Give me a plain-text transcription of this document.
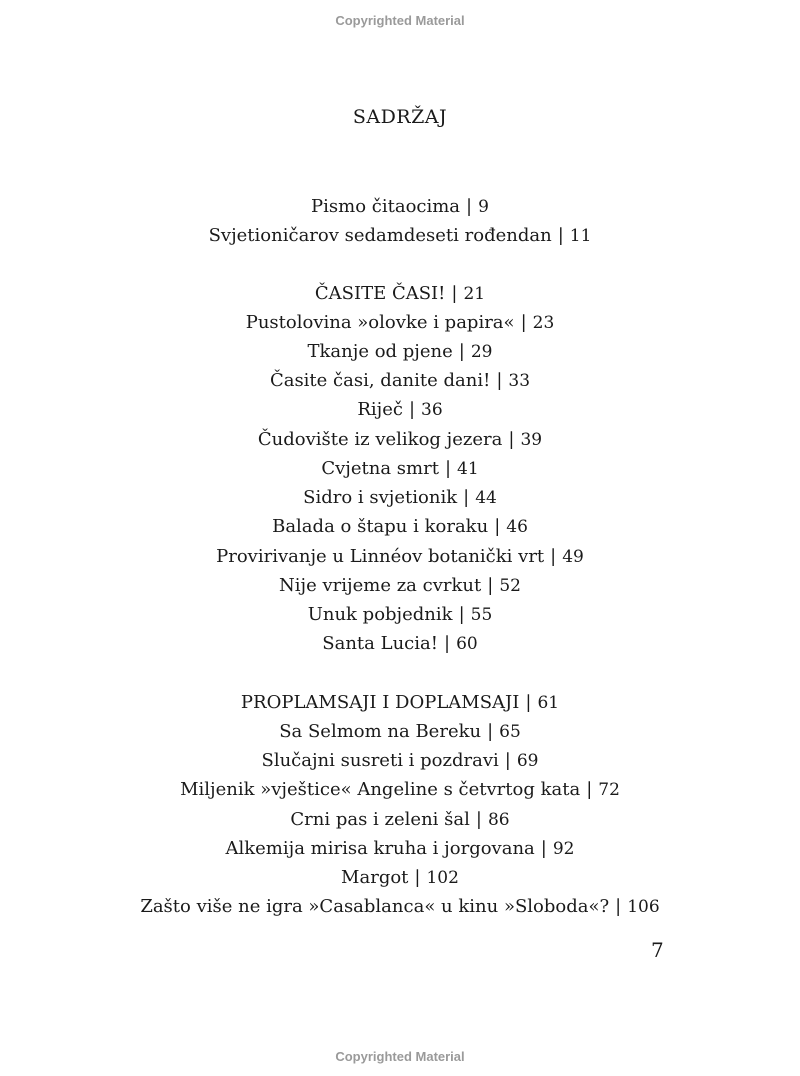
Copyrighted Material
SADRŽAJ
Pismo čitaocima | 9
Svjetioničarov sedamdeseti rođendan | 11
ČASITE ČASI! | 21
Pustolovina »olovke i papira« | 23
Tkanje od pjene | 29
Časite časi, danite dani! | 33
Riječ | 36
Čudovište iz velikog jezera | 39
Cvjetna smrt | 41
Sidro i svjetionik | 44
Balada o štapu i koraku | 46
Provirivanje u Linnéov botanički vrt | 49
Nije vrijeme za cvrkut | 52
Unuk pobjednik | 55
Santa Lucia! | 60
PROPLAMSAJI I DOPLAMSAJI | 61
Sa Selmom na Bereku | 65
Slučajni susreti i pozdravi | 69
Miljenik »vještice« Angeline s četvrtog kata | 72
Crni pas i zeleni šal | 86
Alkemija mirisa kruha i jorgovana | 92
Margot | 102
Zašto više ne igra »Casablanca« u kinu »Sloboda«? | 106
7
Copyrighted Material
